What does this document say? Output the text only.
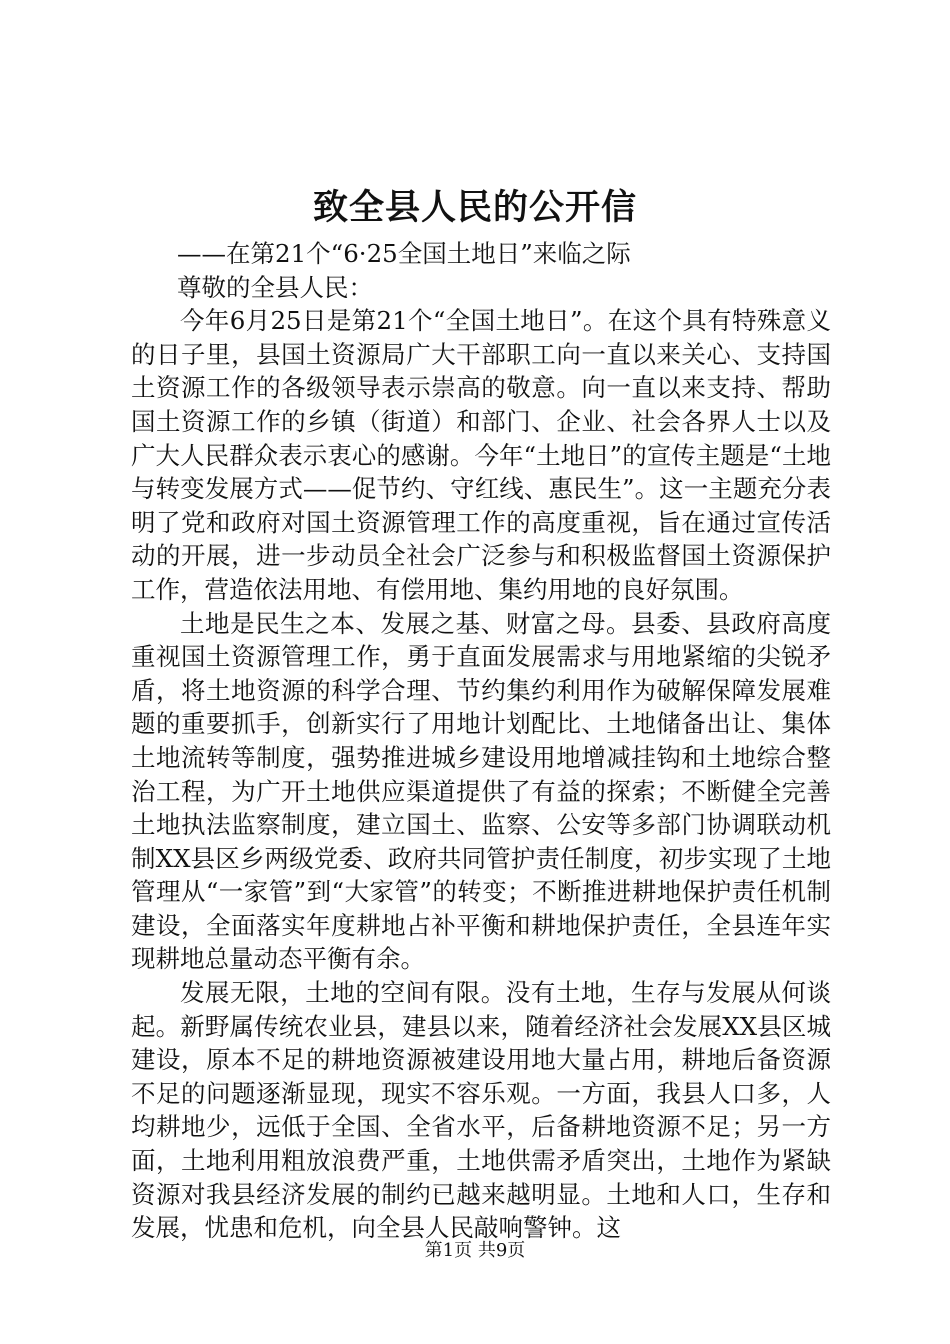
致全县人民的公开信

——在第21个“6·25全国土地日”来临之际

尊敬的全县人民：

今年6月25日是第21个“全国土地日”。在这个具有特殊意义的日子里，县国土资源局广大干部职工向一直以来关心、支持国土资源工作的各级领导表示崇高的敬意。向一直以来支持、帮助国土资源工作的乡镇（街道）和部门、企业、社会各界人士以及广大人民群众表示衷心的感谢。今年“土地日”的宣传主题是“土地与转变发展方式——促节约、守红线、惠民生”。这一主题充分表明了党和政府对国土资源管理工作的高度重视，旨在通过宣传活动的开展，进一步动员全社会广泛参与和积极监督国土资源保护工作，营造依法用地、有偿用地、集约用地的良好氛围。

土地是民生之本、发展之基、财富之母。县委、县政府高度重视国土资源管理工作，勇于直面发展需求与用地紧缩的尖锐矛盾，将土地资源的科学合理、节约集约利用作为破解保障发展难题的重要抓手，创新实行了用地计划配比、土地储备出让、集体土地流转等制度，强势推进城乡建设用地增减挂钩和土地综合整治工程，为广开土地供应渠道提供了有益的探索；不断健全完善土地执法监察制度，建立国土、监察、公安等多部门协调联动机制XX县区乡两级党委、政府共同管护责任制度，初步实现了土地管理从“一家管”到“大家管”的转变；不断推进耕地保护责任机制建设，全面落实年度耕地占补平衡和耕地保护责任，全县连年实现耕地总量动态平衡有余。

发展无限，土地的空间有限。没有土地，生存与发展从何谈起。新野属传统农业县，建县以来，随着经济社会发展XX县区城建设，原本不足的耕地资源被建设用地大量占用，耕地后备资源不足的问题逐渐显现，现实不容乐观。一方面，我县人口多，人均耕地少，远低于全国、全省水平，后备耕地资源不足；另一方面，土地利用粗放浪费严重，土地供需矛盾突出，土地作为紧缺资源对我县经济发展的制约已越来越明显。土地和人口，生存和发展，忧患和危机，向全县人民敲响警钟。这

第1页 共9页
